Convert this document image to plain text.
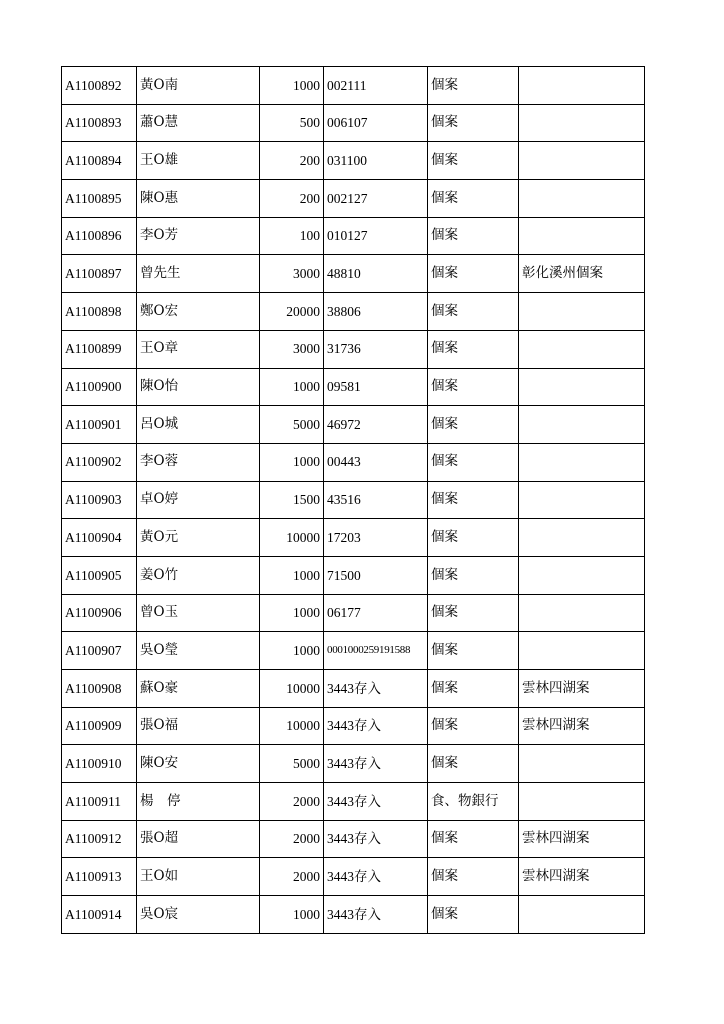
A1100892	黃O南	1000	002111	個案	
A1100893	蕭O慧	500	006107	個案	
A1100894	王O雄	200	031100	個案	
A1100895	陳O惠	200	002127	個案	
A1100896	李O芳	100	010127	個案	
A1100897	曾先生	3000	48810	個案	彰化溪州個案
A1100898	鄭O宏	20000	38806	個案	
A1100899	王O章	3000	31736	個案	
A1100900	陳O怡	1000	09581	個案	
A1100901	呂O城	5000	46972	個案	
A1100902	李O蓉	1000	00443	個案	
A1100903	卓O婷	1500	43516	個案	
A1100904	黃O元	10000	17203	個案	
A1100905	姜O竹	1000	71500	個案	
A1100906	曾O玉	1000	06177	個案	
A1100907	吳O瑩	1000	0001000259191588	個案	
A1100908	蘇O豪	10000	3443存入	個案	雲林四湖案
A1100909	張O福	10000	3443存入	個案	雲林四湖案
A1100910	陳O安	5000	3443存入	個案	
A1100911	楊　停	2000	3443存入	食、物銀行	
A1100912	張O超	2000	3443存入	個案	雲林四湖案
A1100913	王O如	2000	3443存入	個案	雲林四湖案
A1100914	吳O宸	1000	3443存入	個案	
